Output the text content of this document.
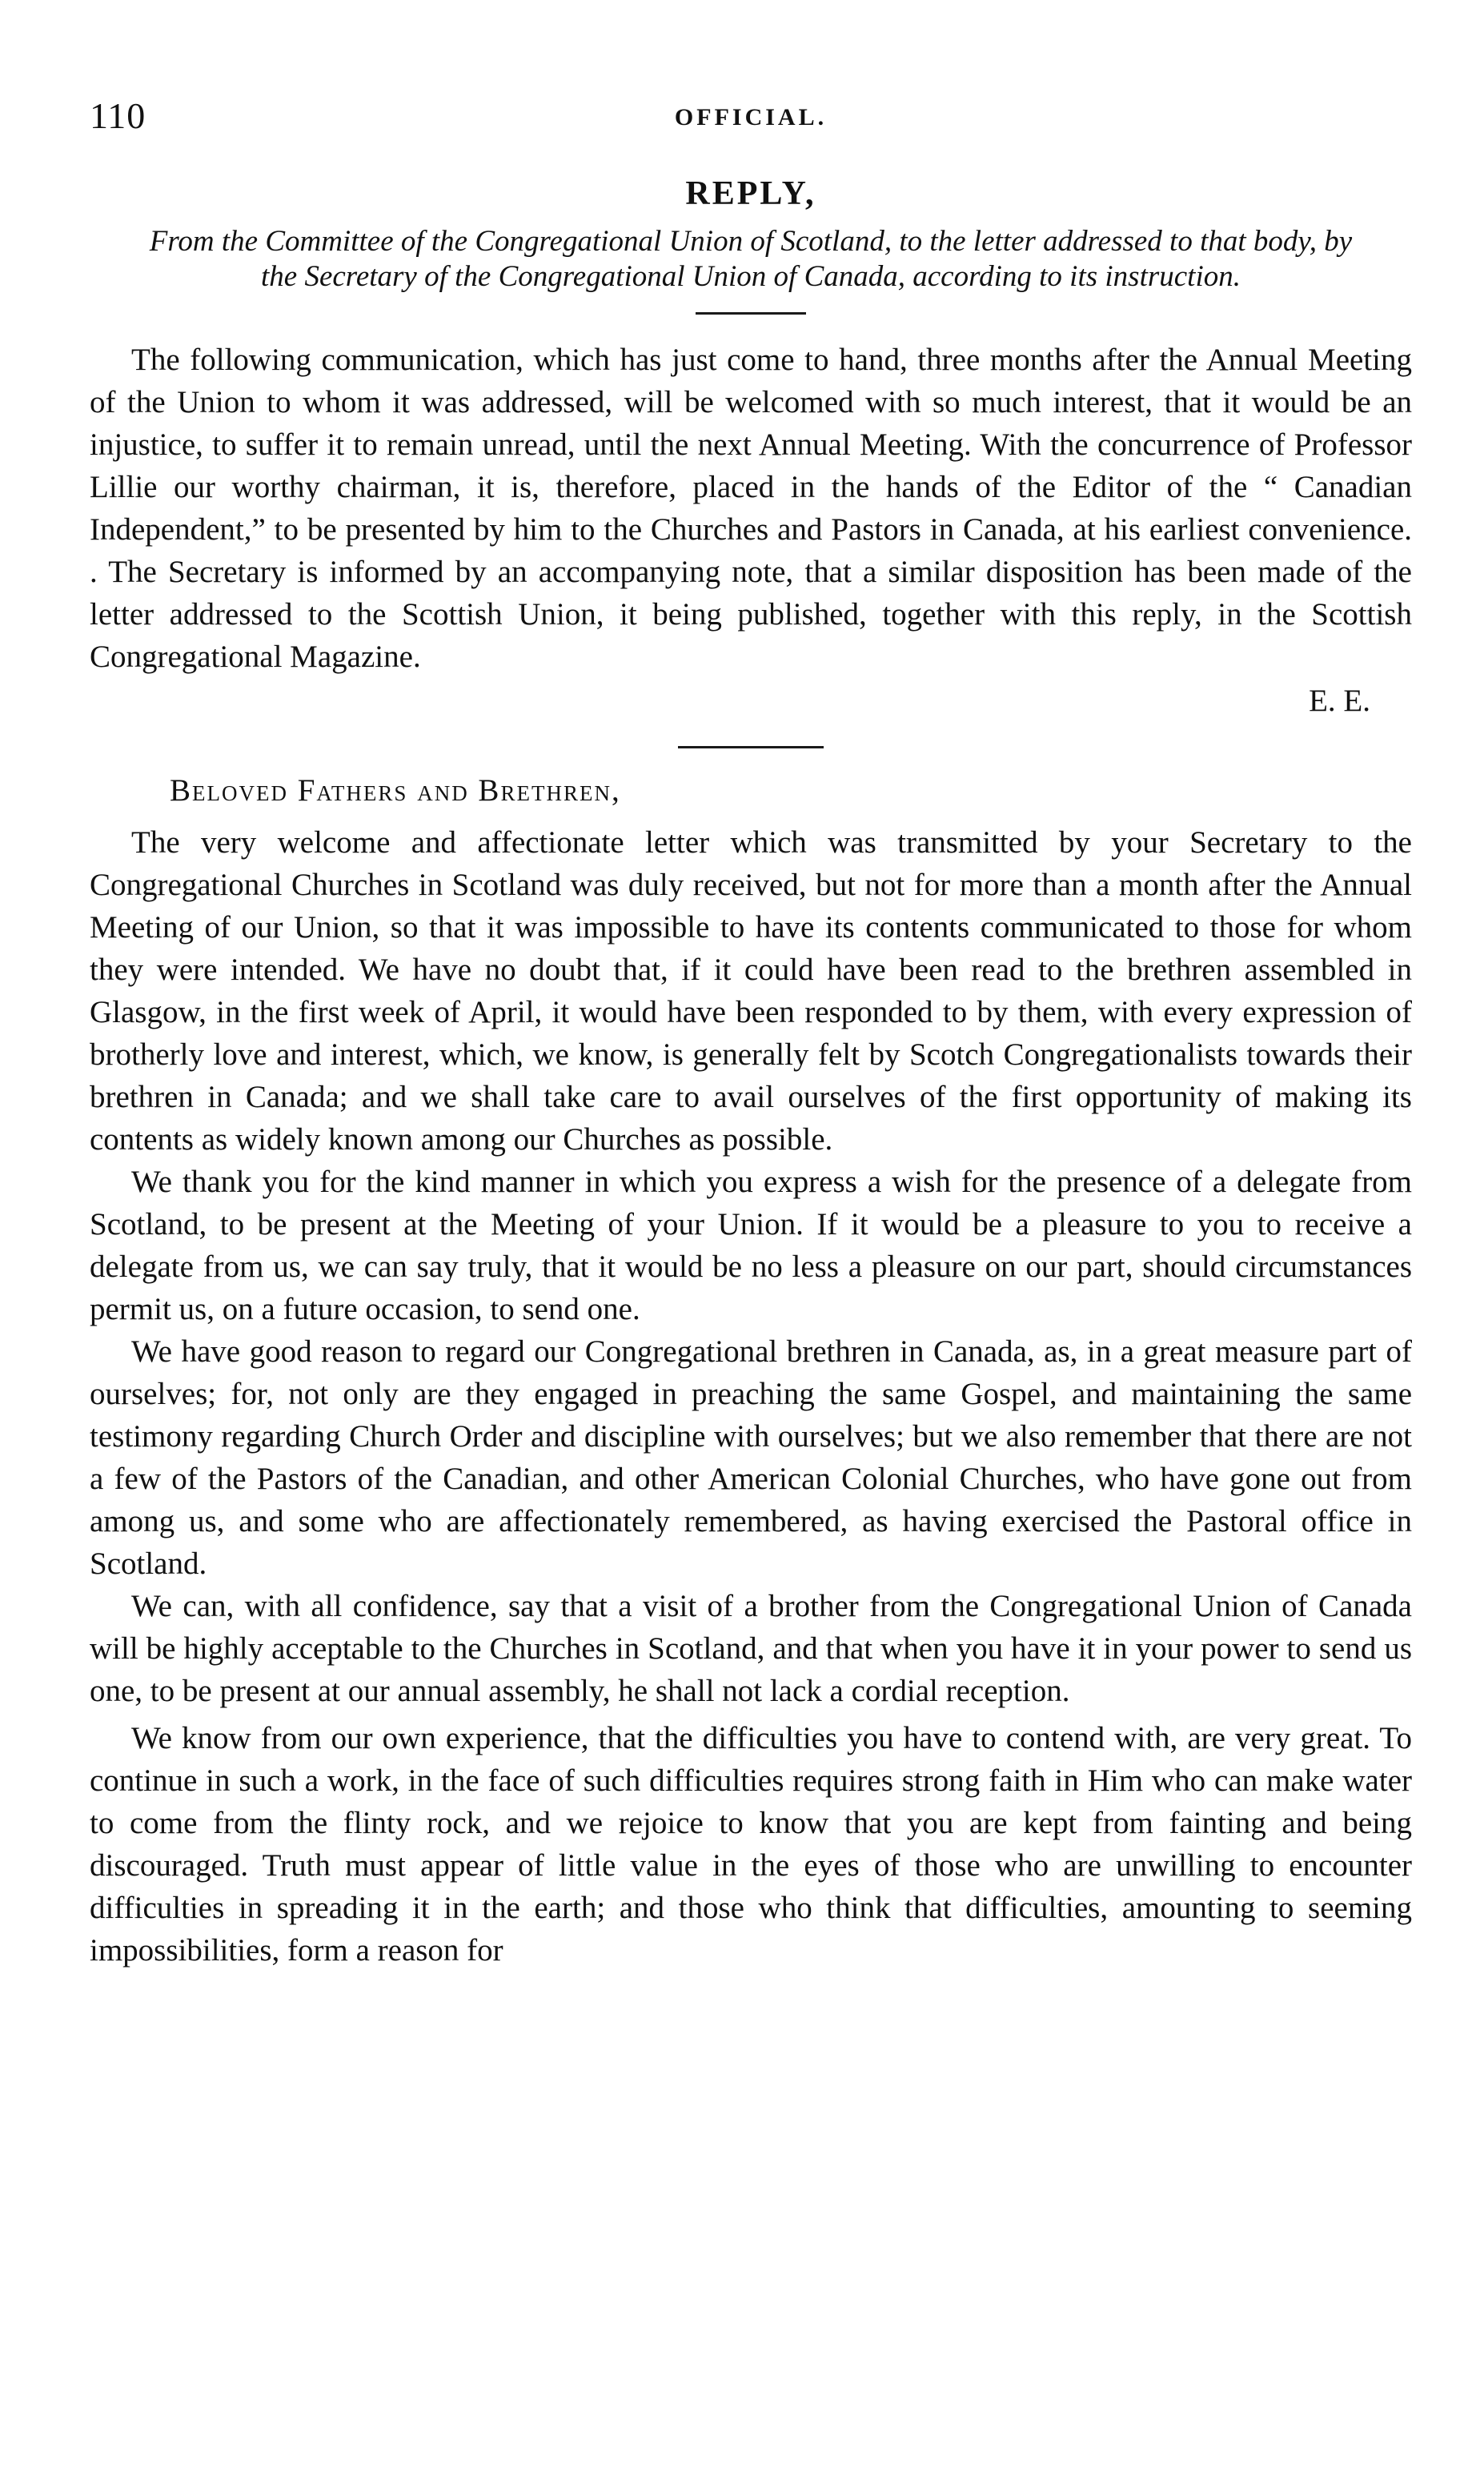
110	OFFICIAL.
REPLY,
From the Committee of the Congregational Union of Scotland, to the letter addressed to that body, by the Secretary of the Congregational Union of Canada, according to its instruction.

The following communication, which has just come to hand, three months after the Annual Meeting of the Union to whom it was addressed, will be welcomed with so much interest, that it would be an injustice, to suffer it to remain unread, until the next Annual Meeting. With the concurrence of Professor Lillie our worthy chairman, it is, therefore, placed in the hands of the Editor of the “ Canadian Independent,” to be presented by him to the Churches and Pastors in Canada, at his earliest convenience. . The Secretary is informed by an accompanying note, that a similar disposition has been made of the letter addressed to the Scottish Union, it being published, together with this reply, in the Scottish Congregational Magazine.

E. E.
Beloved Fathers and Brethren,

The very welcome and affectionate letter which was transmitted by your Secretary to the Congregational Churches in Scotland was duly received, but not for more than a month after the Annual Meeting of our Union, so that it was impossible to have its contents communicated to those for whom they were intended. We have no doubt that, if it could have been read to the brethren assembled in Glasgow, in the first week of April, it would have been responded to by them, with every expression of brotherly love and interest, which, we know, is generally felt by Scotch Congregationalists towards their brethren in Canada; and we shall take care to avail ourselves of the first opportunity of making its contents as widely known among our Churches as possible.

We thank you for the kind manner in which you express a wish for the presence of a delegate from Scotland, to be present at the Meeting of your Union. If it would be a pleasure to you to receive a delegate from us, we can say truly, that it would be no less a pleasure on our part, should circumstances permit us, on a future occasion, to send one.

We have good reason to regard our Congregational brethren in Canada, as, in a great measure part of ourselves; for, not only are they engaged in preaching the same Gospel, and maintaining the same testimony regarding Church Order and discipline with ourselves; but we also remember that there are not a few of the Pastors of the Canadian, and other American Colonial Churches, who have gone out from among us, and some who are affectionately remembered, as having exercised the Pastoral office in Scotland.

We can, with all confidence, say that a visit of a brother from the Congregational Union of Canada will be highly acceptable to the Churches in Scotland, and that when you have it in your power to send us one, to be present at our annual assembly, he shall not lack a cordial reception.

We know from our own experience, that the difficulties you have to contend with, are very great. To continue in such a work, in the face of such difficulties requires strong faith in Him who can make water to come from the flinty rock, and we rejoice to know that you are kept from fainting and being discouraged. Truth must appear of little value in the eyes of those who are unwilling to encounter difficulties in spreading it in the earth; and those who think that difficulties, amounting to seeming impossibilities, form a reason for
